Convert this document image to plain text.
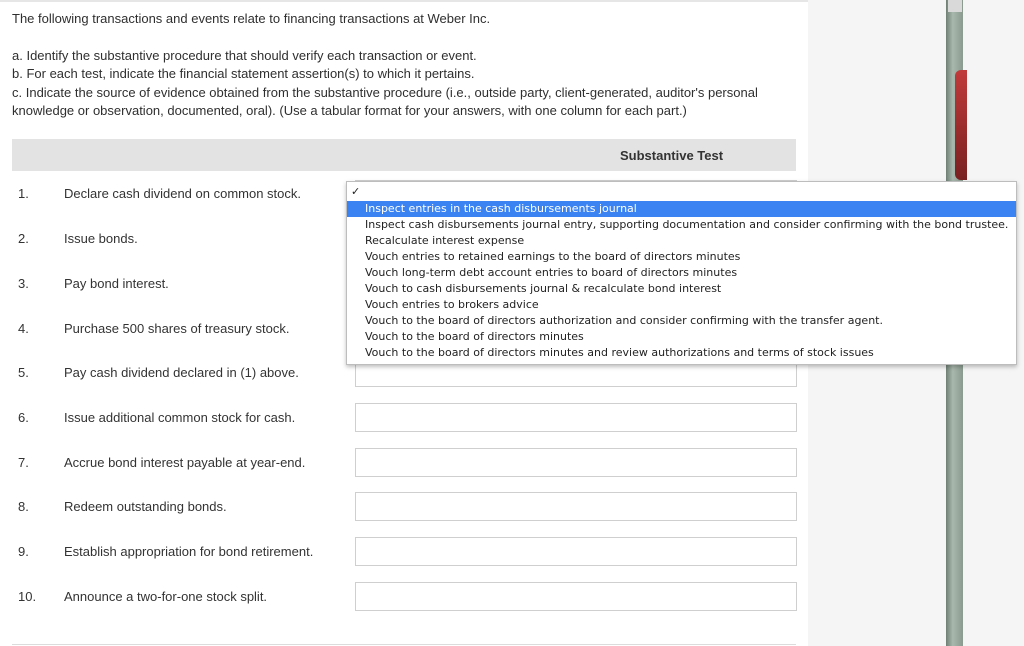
The following transactions and events relate to financing transactions at Weber Inc.
a. Identify the substantive procedure that should verify each transaction or event.
b. For each test, indicate the financial statement assertion(s) to which it pertains.
c. Indicate the source of evidence obtained from the substantive procedure (i.e., outside party, client-generated, auditor's personal
knowledge or observation, documented, oral). (Use a tabular format for your answers, with one column for each part.)
Substantive Test
1.	Declare cash dividend on common stock.
2.	Issue bonds.
3.	Pay bond interest.
4.	Purchase 500 shares of treasury stock.
5.	Pay cash dividend declared in (1) above.
6.	Issue additional common stock for cash.
7.	Accrue bond interest payable at year-end.
8.	Redeem outstanding bonds.
9.	Establish appropriation for bond retirement.
10. Announce a two-for-one stock split.
✓
Inspect entries in the cash disbursements journal
Inspect cash disbursements journal entry, supporting documentation and consider confirming with the bond trustee.
Recalculate interest expense
Vouch entries to retained earnings to the board of directors minutes
Vouch long-term debt account entries to board of directors minutes
Vouch to cash disbursements journal & recalculate bond interest
Vouch entries to brokers advice
Vouch to the board of directors authorization and consider confirming with the transfer agent.
Vouch to the board of directors minutes
Vouch to the board of directors minutes and review authorizations and terms of stock issues
